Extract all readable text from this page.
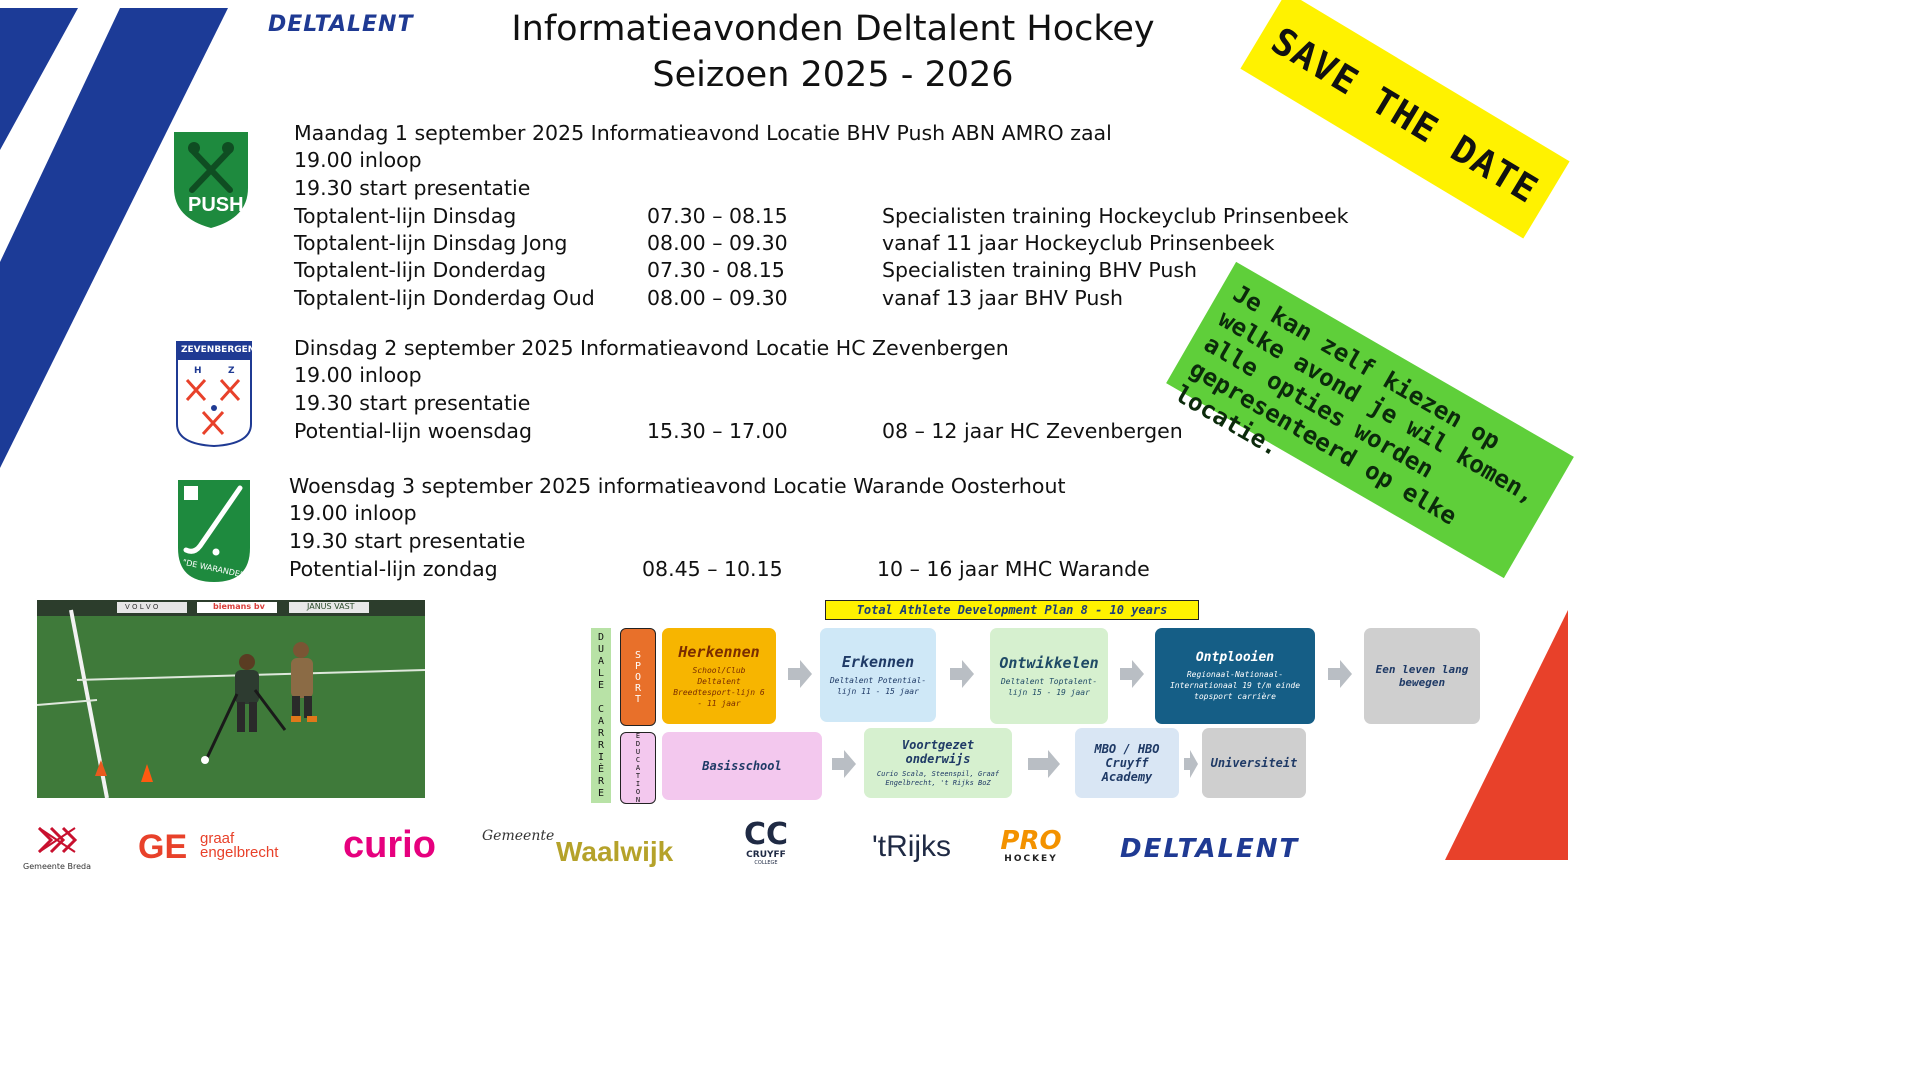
DELTALENT	Informatieavonden Deltalent Hockey
Seizoen 2025 - 2026	SAVE THE DATE
Je kan zelf kiezen op welke avond je wil komen, alle opties worden gepresenteerd op elke locatie.
PUSH
ZEVENBERGEN
H	Z
"DE WARANDE"
Maandag 1 september 2025 Informatieavond Locatie BHV Push ABN AMRO zaal
19.00 inloop
19.30 start presentatie
Toptalent-lijn Dinsdag	07.30 – 08.15	Specialisten training Hockeyclub Prinsenbeek
Toptalent-lijn Dinsdag Jong	08.00 – 09.30	vanaf 11 jaar Hockeyclub Prinsenbeek
Toptalent-lijn Donderdag	07.30 - 08.15	Specialisten training BHV Push
Toptalent-lijn Donderdag Oud	08.00 – 09.30	vanaf 13 jaar BHV Push
Dinsdag 2 september 2025 Informatieavond Locatie HC Zevenbergen
19.00 inloop
19.30 start presentatie
Potential-lijn woensdag	15.30 – 17.00	08 – 12 jaar HC Zevenbergen
Woensdag 3 september 2025 informatieavond Locatie Warande Oosterhout
19.00 inloop
19.30 start presentatie
Potential-lijn zondag	08.45 – 10.15	10 – 16 jaar MHC Warande
V O L V O	biemans bv	JANUS VAST	Total Athlete Development Plan 8 - 10 years
DUALE CARRIÈRE	SPORT
EDUCATION
Herkennen
School/Club Deltalent Breedtesport-lijn 6 - 11 jaar
Erkennen
Deltalent Potential-lijn 11 - 15 jaar
Ontwikkelen
Deltalent Toptalent-lijn 15 - 19 jaar
Ontplooien
Regionaal-Nationaal-Internationaal 19 t/m einde topsport carrière
Een leven lang bewegen
Basisschool
Voortgezet onderwijs
Curio Scala, Steenspil, Graaf Engelbrecht, 't Rijks BoZ
MBO / HBO Cruyff Academy
Universiteit
Gemeente Breda
GE graaf
engelbrecht curio	Gemeente Waalwijk CC
CRUYFF
COLLEGE	'tRijks PRO
HOCKEY	DELTALENT
